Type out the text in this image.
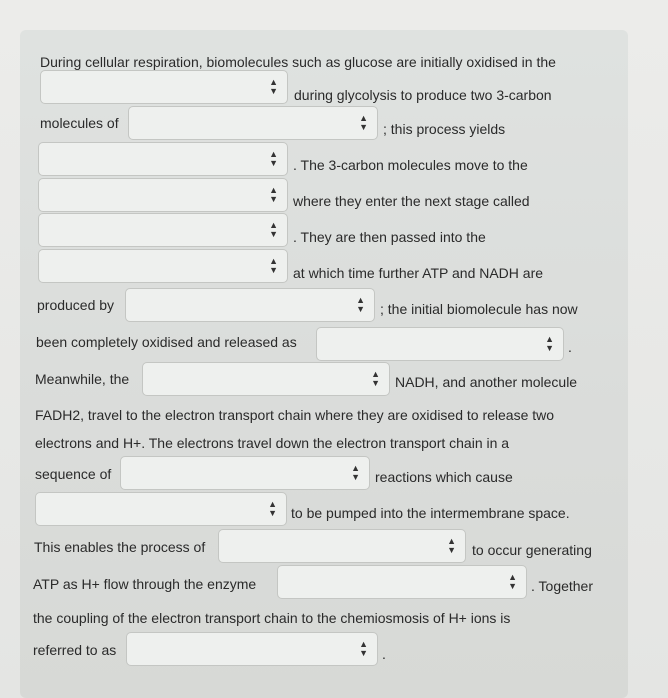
During cellular respiration, biomolecules such as glucose are initially oxidised in the
▲
▼ during glycolysis to produce two 3-carbon
molecules of	▲
▼ ; this process yields
▲
▼ . The 3-carbon molecules move to the
▲
▼ where they enter the next stage called
▲
▼ . They are then passed into the
▲
▼ at which time further ATP and NADH are
produced by	▲
▼ ; the initial biomolecule has now
been completely oxidised and released as	▲
▼ .
Meanwhile, the	▲
▼ NADH, and another molecule
FADH2, travel to the electron transport chain where they are oxidised to release two
electrons and H+. The electrons travel down the electron transport chain in a
sequence of	▲
▼ reactions which cause
▲
▼ to be pumped into the intermembrane space.
This enables the process of	▲
▼ to occur generating
ATP as H+ flow through the enzyme	▲
▼ . Together
the coupling of the electron transport chain to the chemiosmosis of H+ ions is
referred to as	▲
▼ .
